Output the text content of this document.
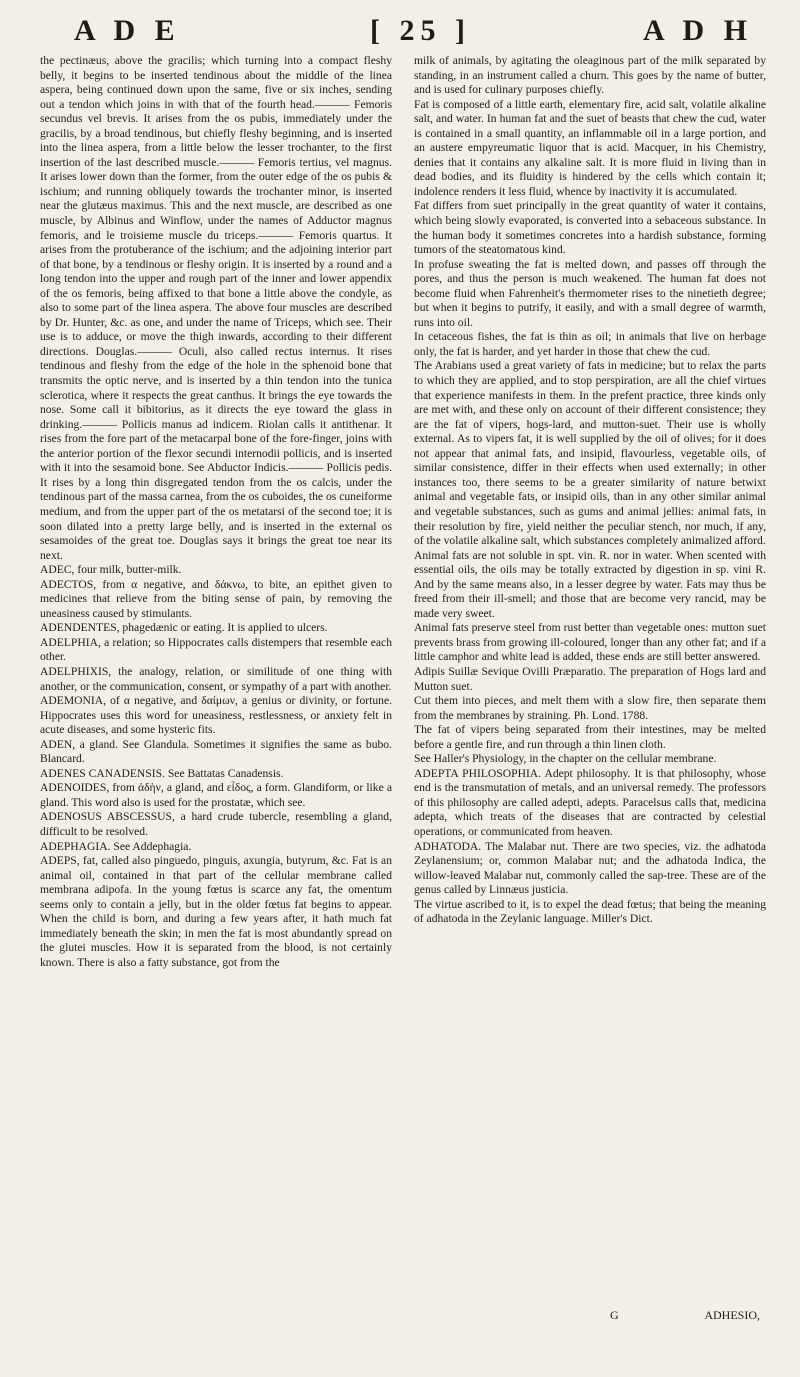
A D E	[ 25 ]	A D H

the pectinæus, above the gracilis; which turning into a compact fleshy belly, it begins to be inserted tendinous about the middle of the linea aspera, being continued down upon the same, five or six inches, sending out a tendon which joins in with that of the fourth head.——— Femoris secundus vel brevis. It arises from the os pubis, immediately under the gracilis, by a broad tendinous, but chiefly fleshy beginning, and is inserted into the linea aspera, from a little below the lesser trochanter, to the first insertion of the last described muscle.——— Femoris tertius, vel magnus. It arises lower down than the former, from the outer edge of the os pubis & ischium; and running obliquely towards the trochanter minor, is inserted near the glutæus maximus. This and the next muscle, are described as one muscle, by Albinus and Winflow, under the names of Adductor magnus femoris, and le troisieme muscle du triceps.——— Femoris quartus. It arises from the protuberance of the ischium; and the adjoining interior part of that bone, by a tendinous or fleshy origin. It is inserted by a round and a long tendon into the upper and rough part of the inner and lower appendix of the os femoris, being affixed to that bone a little above the condyle, as also to some part of the linea aspera. The above four muscles are described by Dr. Hunter, &c. as one, and under the name of Triceps, which see. Their use is to adduce, or move the thigh inwards, according to their different directions. Douglas.——— Oculi, also called rectus internus. It rises tendinous and fleshy from the edge of the hole in the sphenoid bone that transmits the optic nerve, and is inserted by a thin tendon into the tunica sclerotica, where it respects the great canthus. It brings the eye towards the nose. Some call it bibitorius, as it directs the eye toward the glass in drinking.——— Pollicis manus ad indicem. Riolan calls it antithenar. It rises from the fore part of the metacarpal bone of the fore-finger, joins with the anterior portion of the flexor secundi internodii pollicis, and is inserted with it into the sesamoid bone. See Abductor Indicis.——— Pollicis pedis. It rises by a long thin disgregated tendon from the os calcis, under the tendinous part of the massa carnea, from the os cuboides, the os cuneiforme medium, and from the upper part of the os metatarsi of the second toe; it is soon dilated into a pretty large belly, and is inserted in the external os sesamoides of the great toe. Douglas says it brings the great toe near its next.

ADEC, four milk, butter-milk.

ADECTOS, from α negative, and δάκνω, to bite, an epithet given to medicines that relieve from the biting sense of pain, by removing the uneasiness caused by stimulants.

ADENDENTES, phagedænic or eating. It is applied to ulcers.

ADELPHIA, a relation; so Hippocrates calls distempers that resemble each other.

ADELPHIXIS, the analogy, relation, or similitude of one thing with another, or the communication, consent, or sympathy of a part with another.

ADEMONIA, of α negative, and δαίμων, a genius or divinity, or fortune. Hippocrates uses this word for uneasiness, restlessness, or anxiety felt in acute diseases, and some hysteric fits.

ADEN, a gland. See Glandula. Sometimes it signifies the same as bubo. Blancard.

ADENES CANADENSIS. See Battatas Canadensis.

ADENOIDES, from ἀδὴν, a gland, and εἶδος, a form. Glandiform, or like a gland. This word also is used for the prostatæ, which see.

ADENOSUS ABSCESSUS, a hard crude tubercle, resembling a gland, difficult to be resolved.

ADEPHAGIA. See Addephagia.

ADEPS, fat, called also pinguedo, pinguis, axungia, butyrum, &c. Fat is an animal oil, contained in that part of the cellular membrane called membrana adipofa. In the young fœtus is scarce any fat, the omentum seems only to contain a jelly, but in the older fœtus fat begins to appear. When the child is born, and during a few years after, it hath much fat immediately beneath the skin; in men the fat is most abundantly spread on the glutei muscles. How it is separated from the blood, is not certainly known. There is also a fatty substance, got from the

milk of animals, by agitating the oleaginous part of the milk separated by standing, in an instrument called a churn. This goes by the name of butter, and is used for culinary purposes chiefly.

Fat is composed of a little earth, elementary fire, acid salt, volatile alkaline salt, and water. In human fat and the suet of beasts that chew the cud, water is contained in a small quantity, an inflammable oil in a large portion, and an austere empyreumatic liquor that is acid. Macquer, in his Chemistry, denies that it contains any alkaline salt. It is more fluid in living than in dead bodies, and its fluidity is hindered by the cells which contain it; indolence renders it less fluid, whence by inactivity it is accumulated.

Fat differs from suet principally in the great quantity of water it contains, which being slowly evaporated, is converted into a sebaceous substance. In the human body it sometimes concretes into a hardish substance, forming tumors of the steatomatous kind.

In profuse sweating the fat is melted down, and passes off through the pores, and thus the person is much weakened. The human fat does not become fluid when Fahrenheit's thermometer rises to the ninetieth degree; but when it begins to putrify, it easily, and with a small degree of warmth, runs into oil.

In cetaceous fishes, the fat is thin as oil; in animals that live on herbage only, the fat is harder, and yet harder in those that chew the cud.

The Arabians used a great variety of fats in medicine; but to relax the parts to which they are applied, and to stop perspiration, are all the chief virtues that experience manifests in them. In the prefent practice, three kinds only are met with, and these only on account of their different consistence; they are the fat of vipers, hogs-lard, and mutton-suet. Their use is wholly external. As to vipers fat, it is well supplied by the oil of olives; for it does not appear that animal fats, and insipid, flavourless, vegetable oils, of similar consistence, differ in their effects when used externally; in other instances too, there seems to be a greater similarity of nature betwixt animal and vegetable fats, or insipid oils, than in any other similar animal and vegetable substances, such as gums and animal jellies: animal fats, in their resolution by fire, yield neither the peculiar stench, nor much, if any, of the volatile alkaline salt, which substances completely animalized afford.

Animal fats are not soluble in spt. vin. R. nor in water. When scented with essential oils, the oils may be totally extracted by digestion in sp. vini R. And by the same means also, in a lesser degree by water. Fats may thus be freed from their ill-smell; and those that are become very rancid, may be made very sweet.

Animal fats preserve steel from rust better than vegetable ones: mutton suet prevents brass from growing ill-coloured, longer than any other fat; and if a little camphor and white lead is added, these ends are still better answered.

Adipis Suillæ Sevique Ovilli Præparatio. The preparation of Hogs lard and Mutton suet.

Cut them into pieces, and melt them with a slow fire, then separate them from the membranes by straining. Ph. Lond. 1788.

The fat of vipers being separated from their intestines, may be melted before a gentle fire, and run through a thin linen cloth.

See Haller's Physiology, in the chapter on the cellular membrane.

ADEPTA PHILOSOPHIA. Adept philosophy. It is that philosophy, whose end is the transmutation of metals, and an universal remedy. The professors of this philosophy are called adepti, adepts. Paracelsus calls that, medicina adepta, which treats of the diseases that are contracted by celestial operations, or communicated from heaven.

ADHATODA. The Malabar nut. There are two species, viz. the adhatoda Zeylanensium; or, common Malabar nut; and the adhatoda Indica, the willow-leaved Malabar nut, commonly called the sap-tree. These are of the genus called by Linnæus justicia.

The virtue ascribed to it, is to expel the dead fœtus; that being the meaning of adhatoda in the Zeylanic language. Miller's Dict.

G	ADHESIO,
